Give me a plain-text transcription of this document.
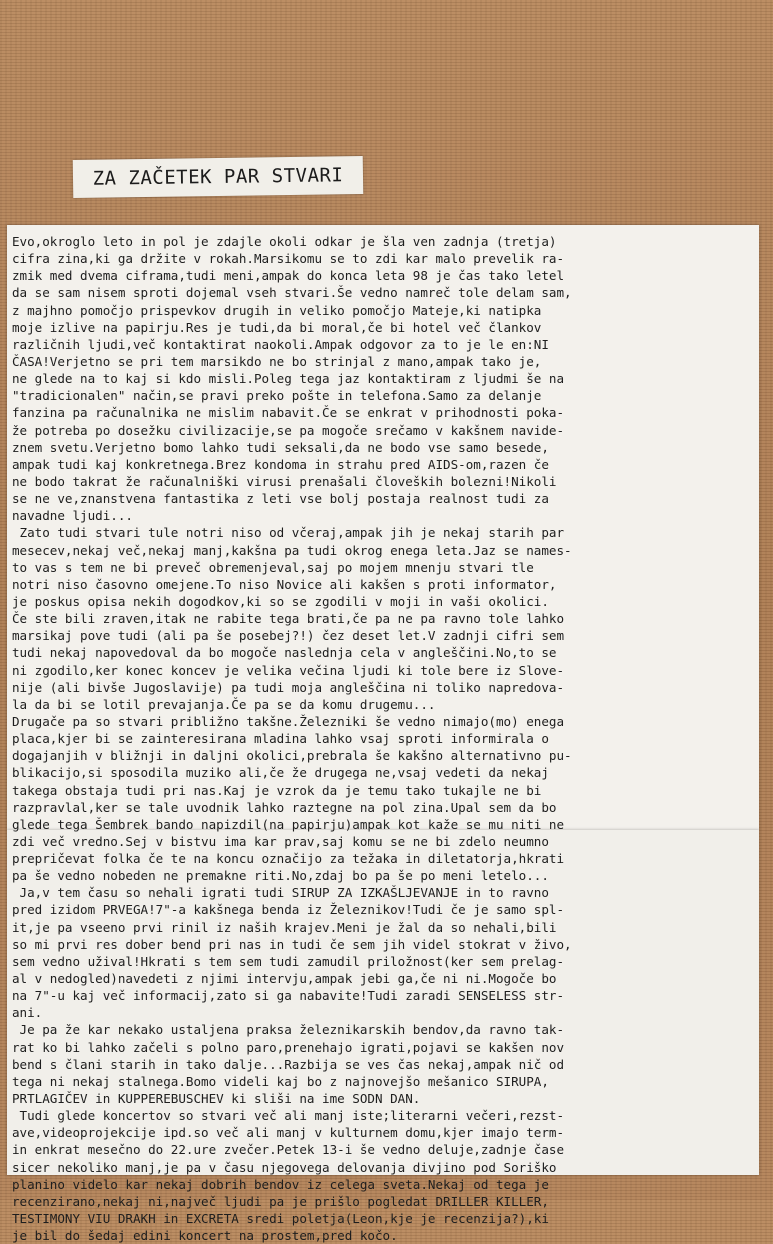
ZA ZAČETEK PAR STVARI
Evo,okroglo leto in pol je zdajle okoli odkar je šla ven zadnja (tretja)
cifra zina,ki ga držite v rokah.Marsikomu se to zdi kar malo prevelik ra-
zmik med dvema ciframa,tudi meni,ampak do konca leta 98 je čas tako letel
da se sam nisem sproti dojemal vseh stvari.Še vedno namreč tole delam sam,
z majhno pomočjo prispevkov drugih in veliko pomočjo Mateje,ki natipka
moje izlive na papirju.Res je tudi,da bi moral,če bi hotel več člankov
različnih ljudi,več kontaktirat naokoli.Ampak odgovor za to je le en:NI
ČASA!Verjetno se pri tem marsikdo ne bo strinjal z mano,ampak tako je,
ne glede na to kaj si kdo misli.Poleg tega jaz kontaktiram z ljudmi še na
"tradicionalen" način,se pravi preko pošte in telefona.Samo za delanje
fanzina pa računalnika ne mislim nabavit.Če se enkrat v prihodnosti poka-
že potreba po dosežku civilizacije,se pa mogoče srečamo v kakšnem navide-
znem svetu.Verjetno bomo lahko tudi seksali,da ne bodo vse samo besede,
ampak tudi kaj konkretnega.Brez kondoma in strahu pred AIDS-om,razen če
ne bodo takrat že računalniški virusi prenašali človeških bolezni!Nikoli
se ne ve,znanstvena fantastika z leti vse bolj postaja realnost tudi za
navadne ljudi...
Zato tudi stvari tule notri niso od včeraj,ampak jih je nekaj starih par
mesecev,nekaj več,nekaj manj,kakšna pa tudi okrog enega leta.Jaz se names-
to vas s tem ne bi preveč obremenjeval,saj po mojem mnenju stvari tle
notri niso časovno omejene.To niso Novice ali kakšen s proti informator,
je poskus opisa nekih dogodkov,ki so se zgodili v moji in vaši okolici.
Če ste bili zraven,itak ne rabite tega brati,če pa ne pa ravno tole lahko
marsikaj pove tudi (ali pa še posebej?!) čez deset let.V zadnji cifri sem
tudi nekaj napovedoval da bo mogoče naslednja cela v angleščini.No,to se
ni zgodilo,ker konec koncev je velika večina ljudi ki tole bere iz Slove-
nije (ali bivše Jugoslavije) pa tudi moja angleščina ni toliko napredova-
la da bi se lotil prevajanja.Če pa se da komu drugemu...
Drugače pa so stvari približno takšne.Železniki še vedno nimajo(mo) enega
placa,kjer bi se zainteresirana mladina lahko vsaj sproti informirala o
dogajanjih v bližnji in daljni okolici,prebrala še kakšno alternativno pu-
blikacijo,si sposodila muziko ali,če že drugega ne,vsaj vedeti da nekaj
takega obstaja tudi pri nas.Kaj je vzrok da je temu tako tukajle ne bi
razpravlal,ker se tale uvodnik lahko raztegne na pol zina.Upal sem da bo
glede tega Šembrek bando napizdil(na papirju)ampak kot kaže se mu niti ne
zdi več vredno.Sej v bistvu ima kar prav,saj komu se ne bi zdelo neumno
prepričevat folka če te na koncu označijo za težaka in diletatorja,hkrati
pa še vedno nobeden ne premakne riti.No,zdaj bo pa še po meni letelo...
Ja,v tem času so nehali igrati tudi SIRUP ZA IZKAŠLJEVANJE in to ravno
pred izidom PRVEGA!7"-a kakšnega benda iz Železnikov!Tudi če je samo spl-
it,je pa vseeno prvi rinil iz naših krajev.Meni je žal da so nehali,bili
so mi prvi res dober bend pri nas in tudi če sem jih videl stokrat v živo,
sem vedno užival!Hkrati s tem sem tudi zamudil priložnost(ker sem prelag-
al v nedogled)navedeti z njimi intervju,ampak jebi ga,če ni ni.Mogoče bo
na 7"-u kaj več informacij,zato si ga nabavite!Tudi zaradi SENSELESS str-
ani.
Je pa že kar nekako ustaljena praksa železnikarskih bendov,da ravno tak-
rat ko bi lahko začeli s polno paro,prenehajo igrati,pojavi se kakšen nov
bend s člani starih in tako dalje...Razbija se ves čas nekaj,ampak nič od
tega ni nekaj stalnega.Bomo videli kaj bo z najnovejšo mešanico SIRUPA,
PRTLAGIČEV in KUPPEREBUSCHEV ki sliši na ime SODN DAN.
Tudi glede koncertov so stvari več ali manj iste;literarni večeri,rezst-
ave,videoprojekcije ipd.so več ali manj v kulturnem domu,kjer imajo term-
in enkrat mesečno do 22.ure zvečer.Petek 13-i še vedno deluje,zadnje čase
sicer nekoliko manj,je pa v času njegovega delovanja divjino pod Soriško
planino videlo kar nekaj dobrih bendov iz celega sveta.Nekaj od tega je
recenzirano,nekaj ni,največ ljudi pa je prišlo pogledat DRILLER KILLER,
TESTIMONY VIU DRAKH in EXCRETA sredi poletja(Leon,kje je recenzija?),ki
je bil do šedaj edini koncert na prostem,pred kočo.
